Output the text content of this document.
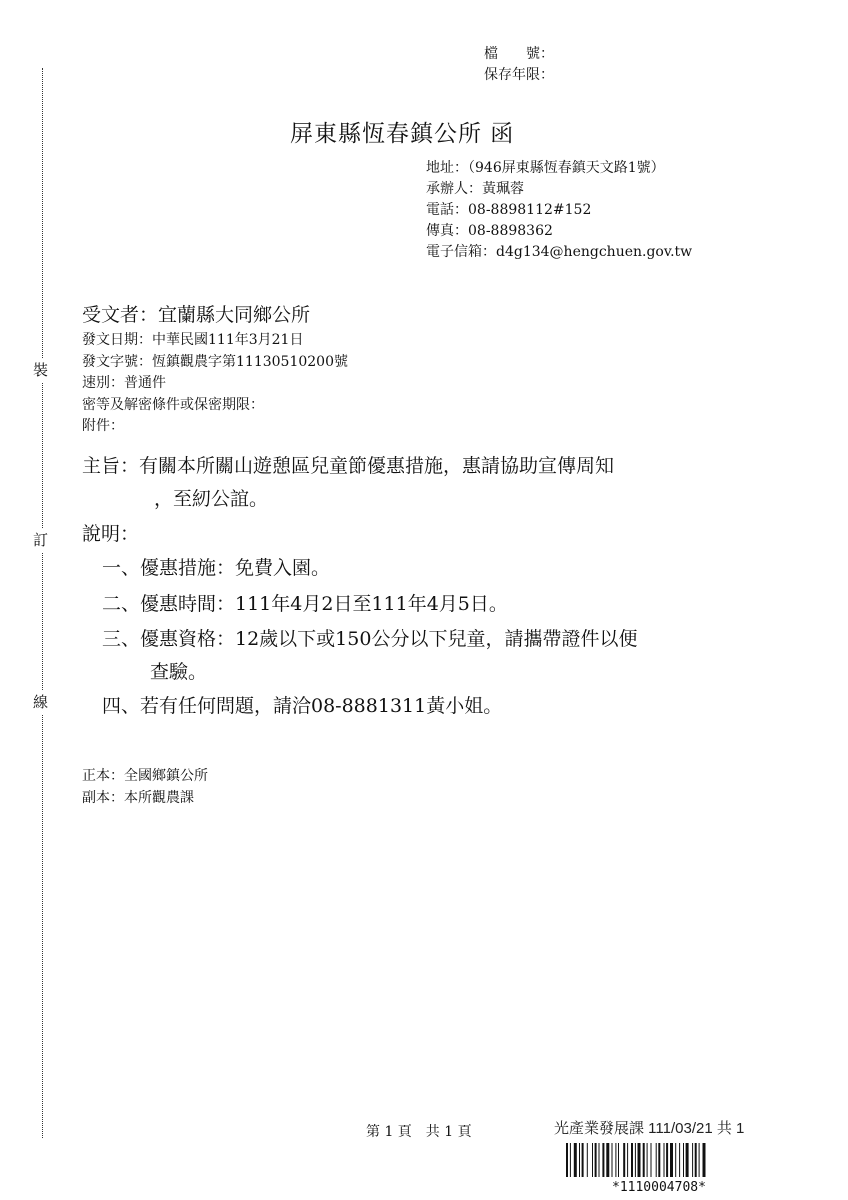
裝
訂
線
檔　　號：
保存年限：
屏東縣恆春鎮公所 函
地址：（946屏東縣恆春鎮天文路1號）
承辦人：黃珮蓉
電話：08-8898112#152
傳真：08-8898362
電子信箱：d4g134@hengchuen.gov.tw
受文者：宜蘭縣大同鄉公所
發文日期：中華民國111年3月21日
發文字號：恆鎮觀農字第11130510200號
速別：普通件
密等及解密條件或保密期限：
附件：
主旨：有關本所關山遊憩區兒童節優惠措施，惠請協助宣傳周知
，至紉公誼。
說明：
一、優惠措施：免費入園。
二、優惠時間：111年4月2日至111年4月5日。
三、優惠資格：12歲以下或150公分以下兒童，請攜帶證件以便
查驗。
四、若有任何問題，請洽08-8881311黃小姐。
正本：全國鄉鎮公所
副本：本所觀農課
第 1 頁　共 1 頁	光產業發展課 111/03/21 共 1
*1110004708*
